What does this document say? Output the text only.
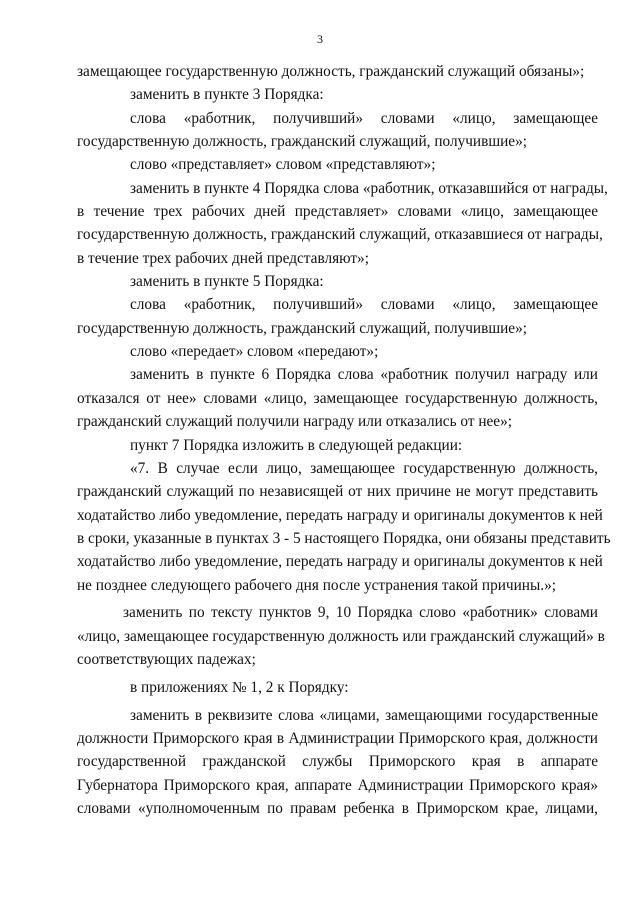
3
замещающее государственную должность, гражданский служащий обязаны»;
заменить в пункте 3 Порядка:
слова «работник, получивший» словами «лицо, замещающее
государственную должность, гражданский служащий, получившие»;
слово «представляет» словом «представляют»;
заменить в пункте 4 Порядка слова «работник, отказавшийся от награды,
в течение трех рабочих дней представляет» словами «лицо, замещающее
государственную должность, гражданский служащий, отказавшиеся от награды,
в течение трех рабочих дней представляют»;
заменить в пункте 5 Порядка:
слова «работник, получивший» словами «лицо, замещающее
государственную должность, гражданский служащий, получившие»;
слово «передает» словом «передают»;
заменить в пункте 6 Порядка слова «работник получил награду или
отказался от нее» словами «лицо, замещающее государственную должность,
гражданский служащий получили награду или отказались от нее»;
пункт 7 Порядка изложить в следующей редакции:
«7. В случае если лицо, замещающее государственную должность,
гражданский служащий по независящей от них причине не могут представить
ходатайство либо уведомление, передать награду и оригиналы документов к ней
в сроки, указанные в пунктах 3 - 5 настоящего Порядка, они обязаны представить
ходатайство либо уведомление, передать награду и оригиналы документов к ней
не позднее следующего рабочего дня после устранения такой причины.»;
заменить по тексту пунктов 9, 10 Порядка слово «работник» словами
«лицо, замещающее государственную должность или гражданский служащий» в
соответствующих падежах;
в приложениях № 1, 2 к Порядку:
заменить в реквизите слова «лицами, замещающими государственные
должности Приморского края в Администрации Приморского края, должности
государственной гражданской службы Приморского края в аппарате
Губернатора Приморского края, аппарате Администрации Приморского края»
словами «уполномоченным по правам ребенка в Приморском крае, лицами,
